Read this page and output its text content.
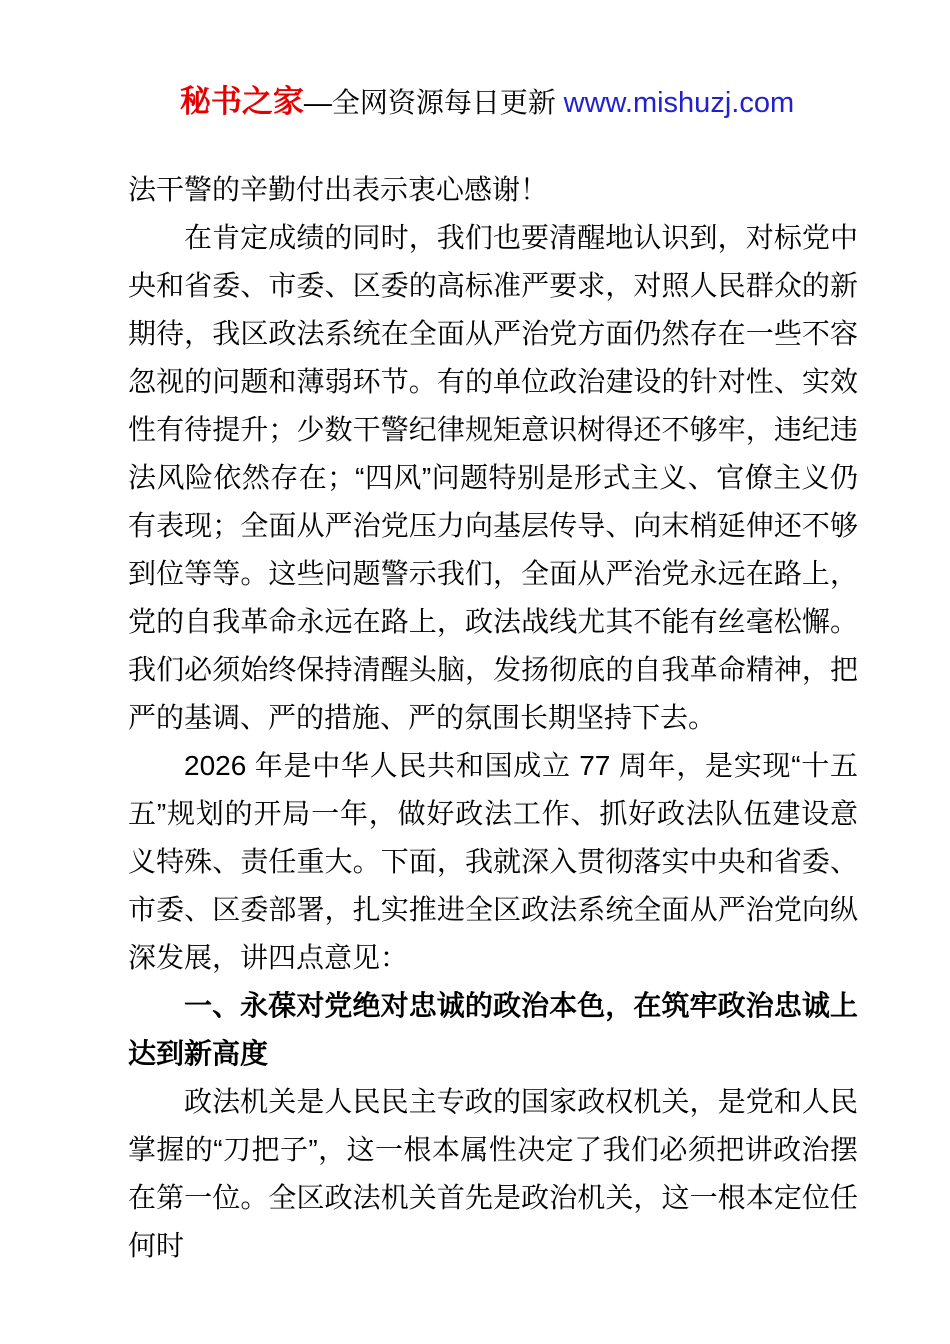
秘书之家—全网资源每日更新 www.mishuzj.com

法干警的辛勤付出表示衷心感谢！

在肯定成绩的同时，我们也要清醒地认识到，对标党中央和省委、市委、区委的高标准严要求，对照人民群众的新期待，我区政法系统在全面从严治党方面仍然存在一些不容忽视的问题和薄弱环节。有的单位政治建设的针对性、实效性有待提升；少数干警纪律规矩意识树得还不够牢，违纪违法风险依然存在；“四风”问题特别是形式主义、官僚主义仍有表现；全面从严治党压力向基层传导、向末梢延伸还不够到位等等。这些问题警示我们，全面从严治党永远在路上，党的自我革命永远在路上，政法战线尤其不能有丝毫松懈。我们必须始终保持清醒头脑，发扬彻底的自我革命精神，把严的基调、严的措施、严的氛围长期坚持下去。

2026 年是中华人民共和国成立 77 周年，是实现“十五五”规划的开局一年，做好政法工作、抓好政法队伍建设意义特殊、责任重大。下面，我就深入贯彻落实中央和省委、市委、区委部署，扎实推进全区政法系统全面从严治党向纵深发展，讲四点意见：

一、永葆对党绝对忠诚的政治本色，在筑牢政治忠诚上达到新高度

政法机关是人民民主专政的国家政权机关，是党和人民掌握的“刀把子”，这一根本属性决定了我们必须把讲政治摆在第一位。全区政法机关首先是政治机关，这一根本定位任何时
